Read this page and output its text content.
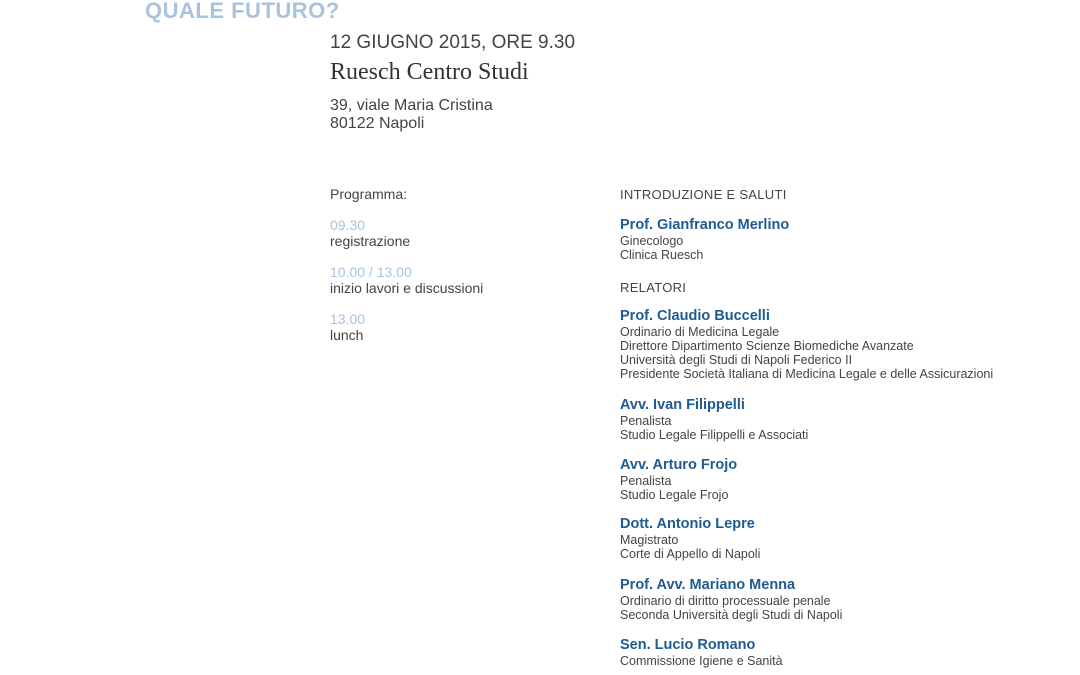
QUALE FUTURO?
12 GIUGNO 2015, ORE 9.30
Ruesch Centro Studi
39, viale Maria Cristina
80122 Napoli
Programma:
09.30
registrazione
10.00 / 13.00
inizio lavori e discussioni
13.00
lunch
INTRODUZIONE E SALUTI
Prof. Gianfranco Merlino
Ginecologo
Clinica Ruesch
RELATORI
Prof. Claudio Buccelli
Ordinario di Medicina Legale
Direttore Dipartimento Scienze Biomediche Avanzate
Università degli Studi di Napoli Federico II
Presidente Società Italiana di Medicina Legale e delle Assicurazioni
Avv. Ivan Filippelli
Penalista
Studio Legale Filippelli e Associati
Avv. Arturo Frojo
Penalista
Studio Legale Frojo
Dott. Antonio Lepre
Magistrato
Corte di Appello di Napoli
Prof. Avv. Mariano Menna
Ordinario di diritto processuale penale
Seconda Università degli Studi di Napoli
Sen. Lucio Romano
Commissione Igiene e Sanità
